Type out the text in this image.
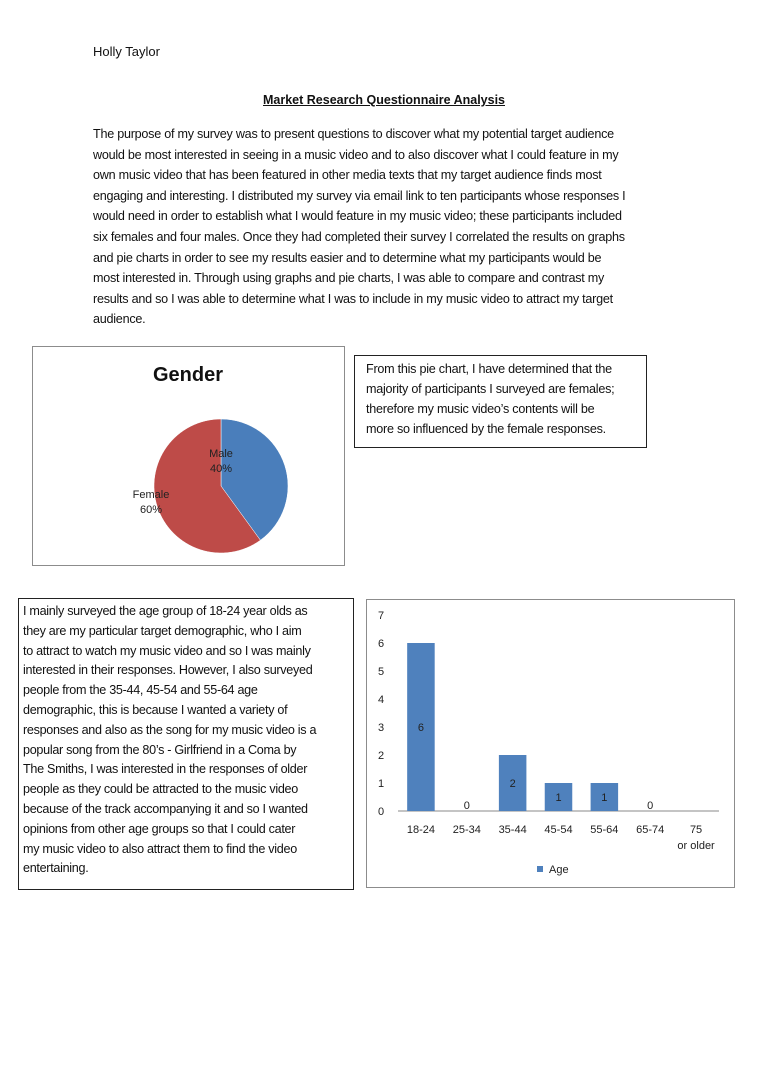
Holly Taylor
Market Research Questionnaire Analysis
The purpose of my survey was to present questions to discover what my potential target audience
would be most interested in seeing in a music video and to also discover what I could feature in my
own music video that has been featured in other media texts that my target audience finds most
engaging and interesting. I distributed my survey via email link to ten participants whose responses I
would need in order to establish what I would feature in my music video; these participants included
six females and four males. Once they had completed their survey I correlated the results on graphs
and pie charts in order to see my results easier and to determine what my participants would be
most interested in. Through using graphs and pie charts, I was able to compare and contrast my
results and so I was able to determine what I was to include in my music video to attract my target
audience.
Gender
Male
40%
Female
60%
From this pie chart, I have determined that the
majority of participants I surveyed are females;
therefore my music video’s contents will be
more so influenced by the female responses.
I mainly surveyed the age group of 18-24 year olds as
they are my particular target demographic, who I aim
to attract to watch my music video and so I was mainly
interested in their responses. However, I also surveyed
people from the 35-44, 45-54 and 55-64 age
demographic, this is because I wanted a variety of
responses and also as the song for my music video is a
popular song from the 80’s - Girlfriend in a Coma by
The Smiths, I was interested in the responses of older
people as they could be attracted to the music video
because of the track accompanying it and so I wanted
opinions from other age groups so that I could cater
my music video to also attract them to find the video
entertaining.
0
1
2
3
4
5
6
7
6
18-24
0
25-34
2
35-44
1
45-54
1
55-64
0
65-74 75
or older
Age
